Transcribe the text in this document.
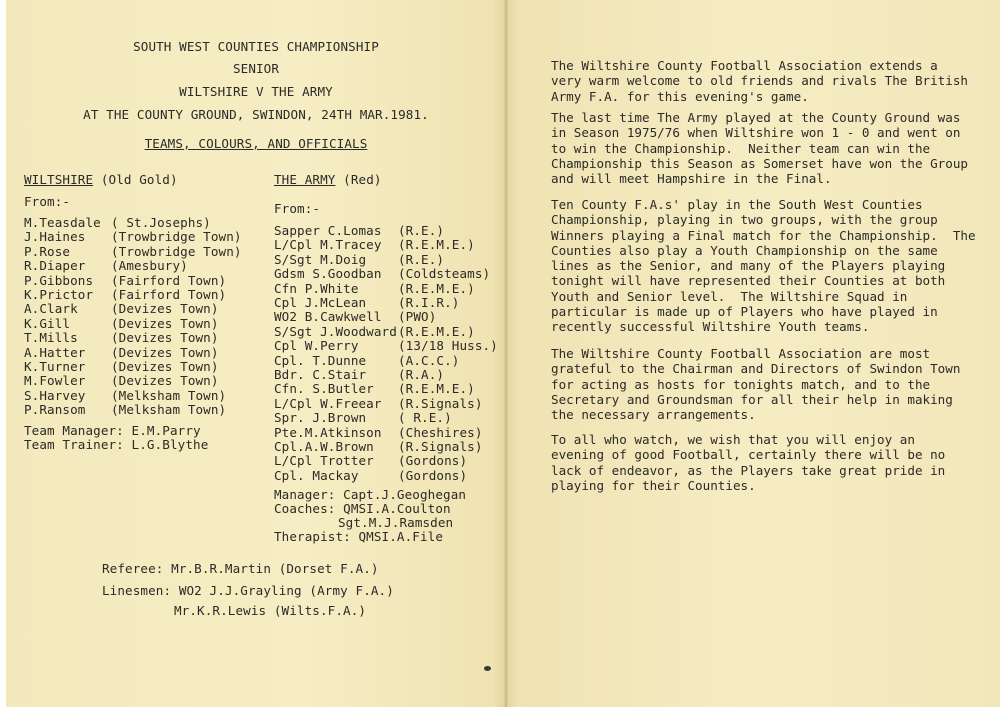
SOUTH WEST COUNTIES CHAMPIONSHIP
SENIOR
WILTSHIRE V THE ARMY
AT THE COUNTY GROUND, SWINDON, 24TH MAR.1981.
TEAMS, COLOURS, AND OFFICIALS
WILTSHIRE (Old Gold)
From:-
M.Teasdale ( St.Josephs)
J.Haines (Trowbridge Town)
P.Rose	(Trowbridge Town)
R.Diaper (Amesbury)
P.Gibbons (Fairford Town)
K.Prictor (Fairford Town)
A.Clark	(Devizes Town)
K.Gill	(Devizes Town)
T.Mills	(Devizes Town)
A.Hatter (Devizes Town)
K.Turner (Devizes Town)
M.Fowler (Devizes Town)
S.Harvey (Melksham Town)
P.Ransom (Melksham Town)
Team Manager: E.M.Parry
Team Trainer: L.G.Blythe
THE ARMY (Red)
From:-
Sapper C.Lomas (R.E.)
L/Cpl M.Tracey (R.E.M.E.)
S/Sgt M.Doig	(R.E.)
Gdsm S.Goodban (Coldsteams)
Cfn P.White	(R.E.M.E.)
Cpl J.McLean	(R.I.R.)
WO2 B.Cawkwell (PWO)
S/Sgt J.Woodward (R.E.M.E.)
Cpl W.Perry	(13/18 Huss.)
Cpl. T.Dunne	(A.C.C.)
Bdr. C.Stair	(R.A.)
Cfn. S.Butler (R.E.M.E.)
L/Cpl W.Freear (R.Signals)
Spr. J.Brown	( R.E.)
Pte.M.Atkinson (Cheshires)
Cpl.A.W.Brown (R.Signals)
L/Cpl Trotter (Gordons)
Cpl. Mackay	(Gordons)
Manager: Capt.J.Geoghegan
Coaches: QMSI.A.Coulton
Sgt.M.J.Ramsden
Therapist: QMSI.A.File
Referee: Mr.B.R.Martin (Dorset F.A.)
Linesmen: WO2 J.J.Grayling (Army F.A.)
Mr.K.R.Lewis (Wilts.F.A.)
The Wiltshire County Football Association extends a
very warm welcome to old friends and rivals The British
Army F.A. for this evening's game.
The last time The Army played at the County Ground was
in Season 1975/76 when Wiltshire won 1 - 0 and went on
to win the Championship.  Neither team can win the
Championship this Season as Somerset have won the Group
and will meet Hampshire in the Final.
Ten County F.A.s' play in the South West Counties
Championship, playing in two groups, with the group
Winners playing a Final match for the Championship.  The
Counties also play a Youth Championship on the same
lines as the Senior, and many of the Players playing
tonight will have represented their Counties at both
Youth and Senior level.  The Wiltshire Squad in
particular is made up of Players who have played in
recently successful Wiltshire Youth teams.
The Wiltshire County Football Association are most
grateful to the Chairman and Directors of Swindon Town
for acting as hosts for tonights match, and to the
Secretary and Groundsman for all their help in making
the necessary arrangements.
To all who watch, we wish that you will enjoy an
evening of good Football, certainly there will be no
lack of endeavor, as the Players take great pride in
playing for their Counties.
